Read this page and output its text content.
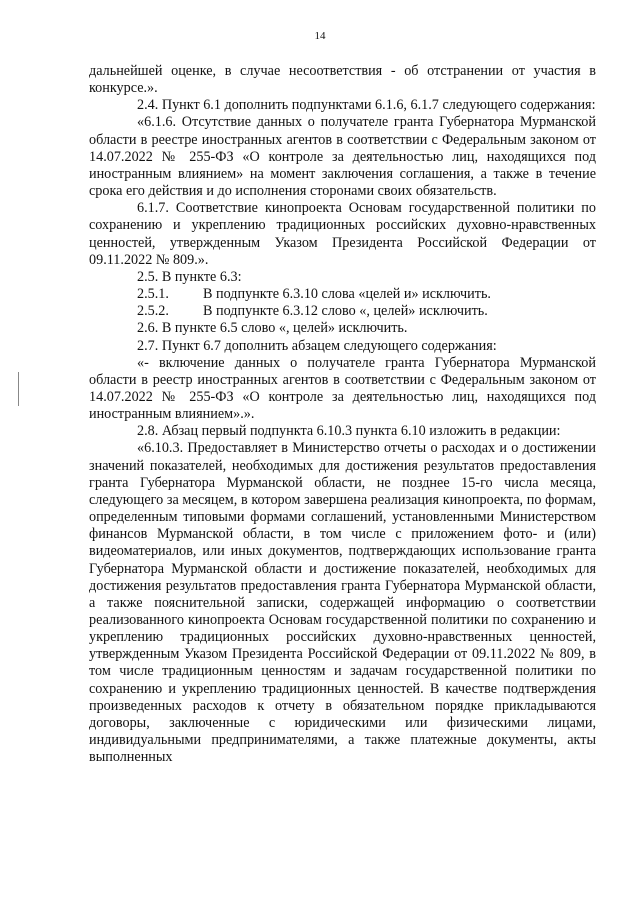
14

дальнейшей оценке, в случае несоответствия - об отстранении от участия в конкурсе.».

2.4. Пункт 6.1 дополнить подпунктами 6.1.6, 6.1.7 следующего содержания:

«6.1.6. Отсутствие данных о получателе гранта Губернатора Мурманской области в реестре иностранных агентов в соответствии с Федеральным законом от 14.07.2022 № 255-ФЗ «О контроле за деятельностью лиц, находящихся под иностранным влиянием» на момент заключения соглашения, а также в течение срока его действия и до исполнения сторонами своих обязательств.

6.1.7. Соответствие кинопроекта Основам государственной политики по сохранению и укреплению традиционных российских духовно-нравственных ценностей, утвержденным Указом Президента Российской Федерации от 09.11.2022 № 809.».

2.5. В пункте 6.3:

2.5.1. В подпункте 6.3.10 слова «целей и» исключить.

2.5.2. В подпункте 6.3.12 слово «, целей» исключить.

2.6. В пункте 6.5 слово «, целей» исключить.

2.7. Пункт 6.7 дополнить абзацем следующего содержания:

«- включение данных о получателе гранта Губернатора Мурманской области в реестр иностранных агентов в соответствии с Федеральным законом от 14.07.2022 № 255-ФЗ «О контроле за деятельностью лиц, находящихся под иностранным влиянием».».

2.8. Абзац первый подпункта 6.10.3 пункта 6.10 изложить в редакции:

«6.10.3. Предоставляет в Министерство отчеты о расходах и о достижении значений показателей, необходимых для достижения результатов предоставления гранта Губернатора Мурманской области, не позднее 15-го числа месяца, следующего за месяцем, в котором завершена реализация кинопроекта, по формам, определенным типовыми формами соглашений, установленными Министерством финансов Мурманской области, в том числе с приложением фото- и (или) видеоматериалов, или иных документов, подтверждающих использование гранта Губернатора Мурманской области и достижение показателей, необходимых для достижения результатов предоставления гранта Губернатора Мурманской области, а также пояснительной записки, содержащей информацию о соответствии реализованного кинопроекта Основам государственной политики по сохранению и укреплению традиционных российских духовно-нравственных ценностей, утвержденным Указом Президента Российской Федерации от 09.11.2022 № 809, в том числе традиционным ценностям и задачам государственной политики по сохранению и укреплению традиционных ценностей. В качестве подтверждения произведенных расходов к отчету в обязательном порядке прикладываются договоры, заключенные с юридическими или физическими лицами, индивидуальными предпринимателями, а также платежные документы, акты выполненных
